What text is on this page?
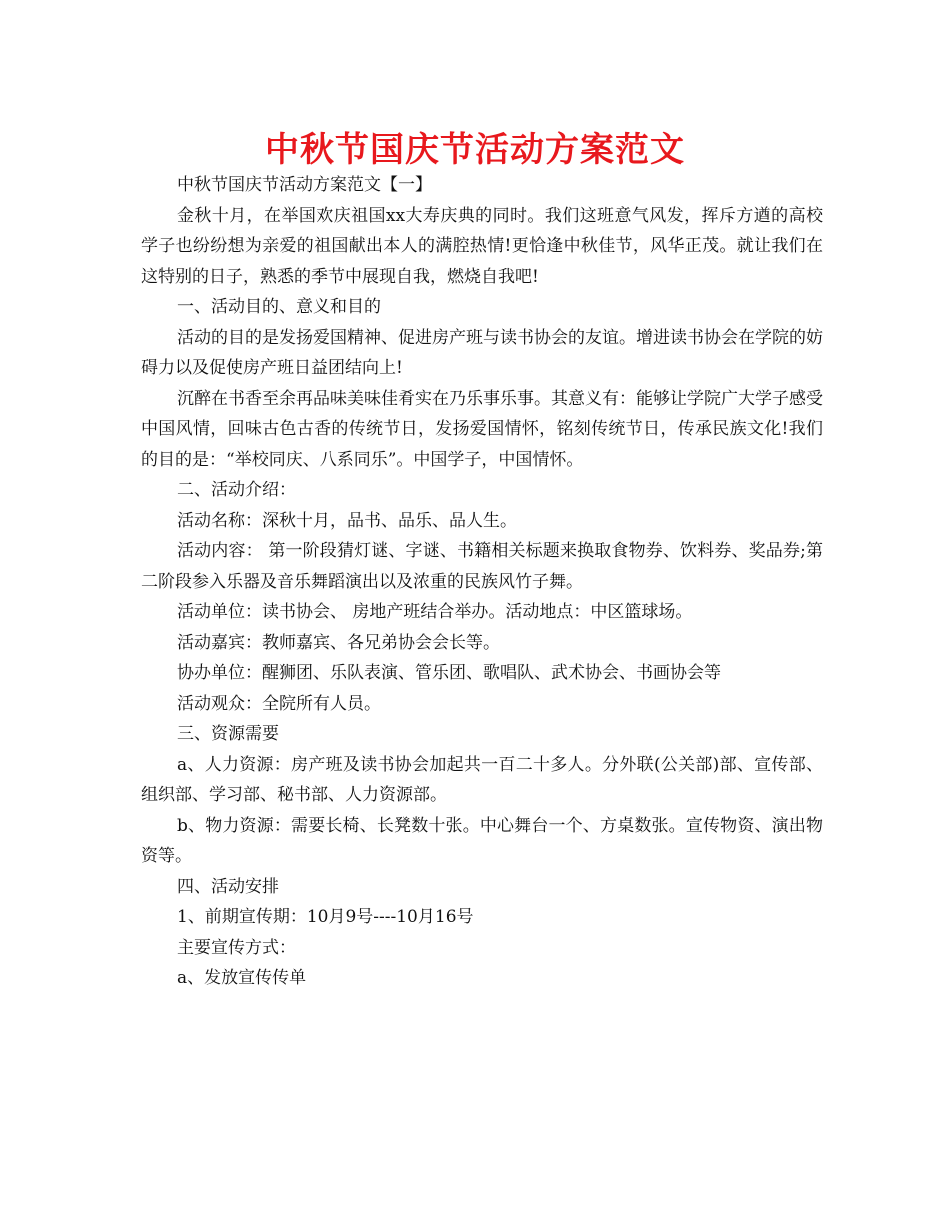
中秋节国庆节活动方案范文

中秋节国庆节活动方案范文【一】

金秋十月，在举国欢庆祖国xx大寿庆典的同时。我们这班意气风发，挥斥方遒的高校学子也纷纷想为亲爱的祖国献出本人的满腔热情!更恰逢中秋佳节，风华正茂。就让我们在这特别的日子，熟悉的季节中展现自我，燃烧自我吧!

一、活动目的、意义和目的

活动的目的是发扬爱国精神、促进房产班与读书协会的友谊。增进读书协会在学院的妨碍力以及促使房产班日益团结向上!

沉醉在书香至余再品味美味佳肴实在乃乐事乐事。其意义有：能够让学院广大学子感受中国风情，回味古色古香的传统节日，发扬爱国情怀，铭刻传统节日，传承民族文化!我们的目的是：“举校同庆、八系同乐”。中国学子，中国情怀。

二、活动介绍：

活动名称：深秋十月，品书、品乐、品人生。

活动内容： 第一阶段猜灯谜、字谜、书籍相关标题来换取食物券、饮料券、奖品券;第二阶段参入乐器及音乐舞蹈演出以及浓重的民族风竹子舞。

活动单位：读书协会、 房地产班结合举办。活动地点：中区篮球场。

活动嘉宾：教师嘉宾、各兄弟协会会长等。

协办单位：醒狮团、乐队表演、管乐团、歌唱队、武术协会、书画协会等

活动观众：全院所有人员。

三、资源需要

a、人力资源：房产班及读书协会加起共一百二十多人。分外联(公关部)部、宣传部、组织部、学习部、秘书部、人力资源部。

b、物力资源：需要长椅、长凳数十张。中心舞台一个、方桌数张。宣传物资、演出物资等。

四、活动安排

1、前期宣传期：10月9号----10月16号

主要宣传方式：

a、发放宣传传单
